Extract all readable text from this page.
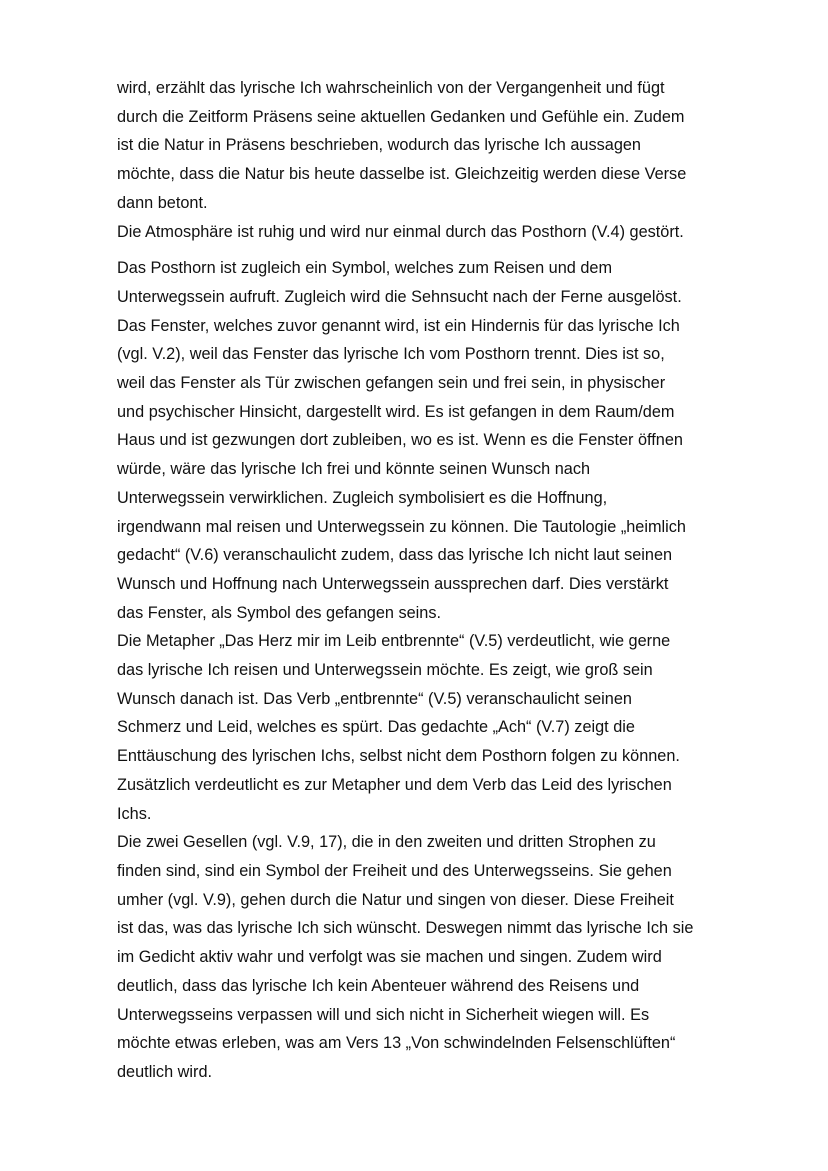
wird, erzählt das lyrische Ich wahrscheinlich von der Vergangenheit und fügt
durch die Zeitform Präsens seine aktuellen Gedanken und Gefühle ein. Zudem
ist die Natur in Präsens beschrieben, wodurch das lyrische Ich aussagen
möchte, dass die Natur bis heute dasselbe ist. Gleichzeitig werden diese Verse
dann betont.
Die Atmosphäre ist ruhig und wird nur einmal durch das Posthorn (V.4) gestört.
Das Posthorn ist zugleich ein Symbol, welches zum Reisen und dem
Unterwegssein aufruft. Zugleich wird die Sehnsucht nach der Ferne ausgelöst.
Das Fenster, welches zuvor genannt wird, ist ein Hindernis für das lyrische Ich
(vgl. V.2), weil das Fenster das lyrische Ich vom Posthorn trennt. Dies ist so,
weil das Fenster als Tür zwischen gefangen sein und frei sein, in physischer
und psychischer Hinsicht, dargestellt wird. Es ist gefangen in dem Raum/dem
Haus und ist gezwungen dort zubleiben, wo es ist. Wenn es die Fenster öffnen
würde, wäre das lyrische Ich frei und könnte seinen Wunsch nach
Unterwegssein verwirklichen. Zugleich symbolisiert es die Hoffnung,
irgendwann mal reisen und Unterwegssein zu können. Die Tautologie „heimlich
gedacht“ (V.6) veranschaulicht zudem, dass das lyrische Ich nicht laut seinen
Wunsch und Hoffnung nach Unterwegssein aussprechen darf. Dies verstärkt
das Fenster, als Symbol des gefangen seins.
Die Metapher „Das Herz mir im Leib entbrennte“ (V.5) verdeutlicht, wie gerne
das lyrische Ich reisen und Unterwegssein möchte. Es zeigt, wie groß sein
Wunsch danach ist. Das Verb „entbrennte“ (V.5) veranschaulicht seinen
Schmerz und Leid, welches es spürt. Das gedachte „Ach“ (V.7) zeigt die
Enttäuschung des lyrischen Ichs, selbst nicht dem Posthorn folgen zu können.
Zusätzlich verdeutlicht es zur Metapher und dem Verb das Leid des lyrischen
Ichs.
Die zwei Gesellen (vgl. V.9, 17), die in den zweiten und dritten Strophen zu
finden sind, sind ein Symbol der Freiheit und des Unterwegsseins. Sie gehen
umher (vgl. V.9), gehen durch die Natur und singen von dieser. Diese Freiheit
ist das, was das lyrische Ich sich wünscht. Deswegen nimmt das lyrische Ich sie
im Gedicht aktiv wahr und verfolgt was sie machen und singen. Zudem wird
deutlich, dass das lyrische Ich kein Abenteuer während des Reisens und
Unterwegsseins verpassen will und sich nicht in Sicherheit wiegen will. Es
möchte etwas erleben, was am Vers 13 „Von schwindelnden Felsenschlüften“
deutlich wird.
